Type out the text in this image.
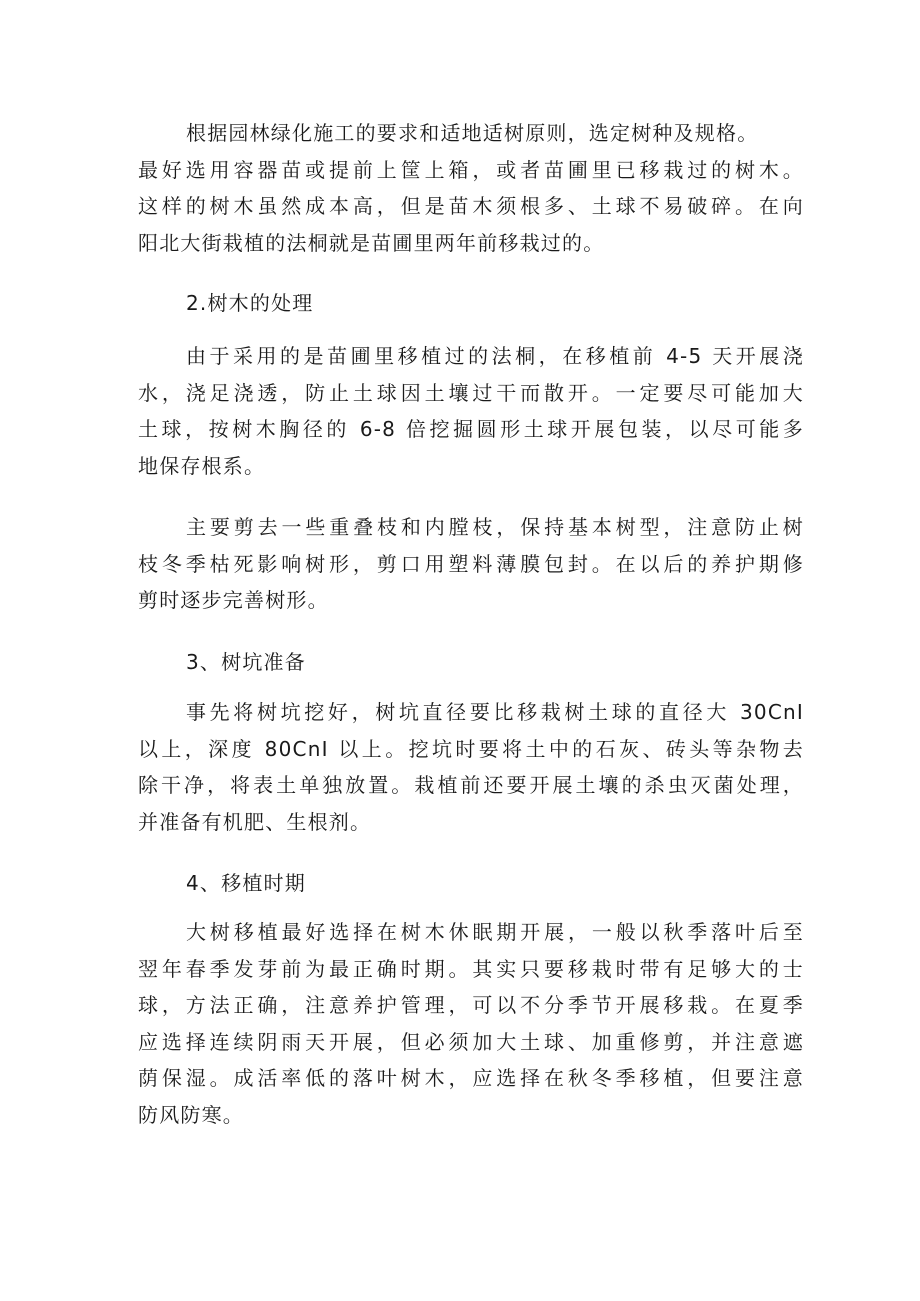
根据园林绿化施工的要求和适地适树原则，选定树种及规格。
最好选用容器苗或提前上筐上箱，或者苗圃里已移栽过的树木。
这样的树木虽然成本高，但是苗木须根多、土球不易破碎。在向
阳北大街栽植的法桐就是苗圃里两年前移栽过的。
2.树木的处理
由于采用的是苗圃里移植过的法桐，在移植前 4-5 天开展浇
水，浇足浇透，防止土球因土壤过干而散开。一定要尽可能加大
土球，按树木胸径的 6-8 倍挖掘圆形土球开展包装，以尽可能多
地保存根系。
主要剪去一些重叠枝和内膛枝，保持基本树型，注意防止树
枝冬季枯死影响树形，剪口用塑料薄膜包封。在以后的养护期修
剪时逐步完善树形。
3、树坑准备
事先将树坑挖好，树坑直径要比移栽树土球的直径大 30CnI
以上，深度 80CnI 以上。挖坑时要将土中的石灰、砖头等杂物去
除干净，将表土单独放置。栽植前还要开展土壤的杀虫灭菌处理，
并准备有机肥、生根剂。
4、移植时期
大树移植最好选择在树木休眠期开展，一般以秋季落叶后至
翌年春季发芽前为最正确时期。其实只要移栽时带有足够大的士
球，方法正确，注意养护管理，可以不分季节开展移栽。在夏季
应选择连续阴雨天开展，但必须加大土球、加重修剪，并注意遮
荫保湿。成活率低的落叶树木，应选择在秋冬季移植，但要注意
防风防寒。
